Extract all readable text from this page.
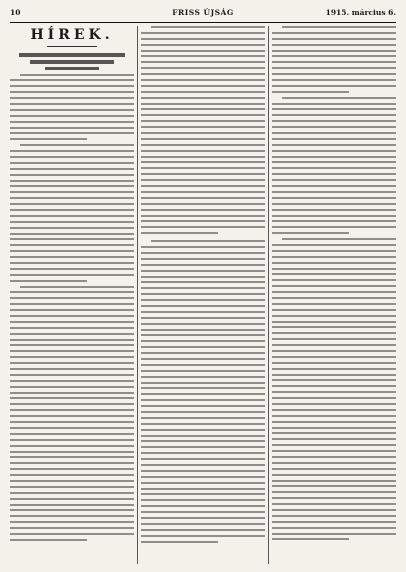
10	FRISS ÚJSÁG	1915. március 6.
HÍREK.
